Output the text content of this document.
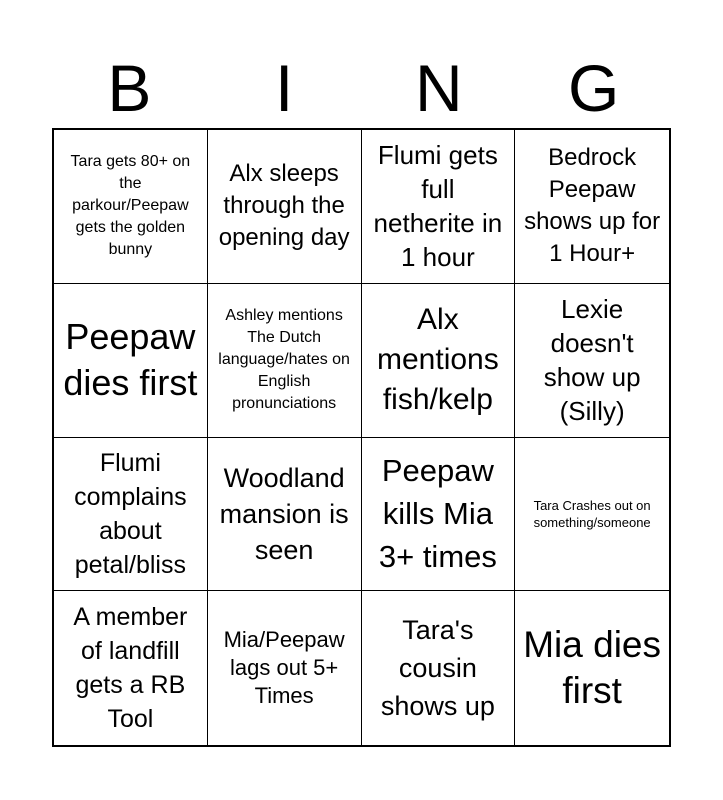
B	I	N	G
Tara gets 80+ on the parkour/Peepaw gets the golden bunny
Alx sleeps through the opening day
Flumi gets full netherite in 1 hour
Bedrock Peepaw shows up for 1 Hour+
Peepaw dies first
Ashley mentions The Dutch language/hates on English pronunciations
Alx mentions fish/kelp
Lexie doesn't show up (Silly)
Flumi complains about petal/bliss
Woodland mansion is seen
Peepaw kills Mia 3+ times
Tara Crashes out on something/someone
A member of landfill gets a RB Tool
Mia/Peepaw lags out 5+ Times
Tara's cousin shows up
Mia dies first
